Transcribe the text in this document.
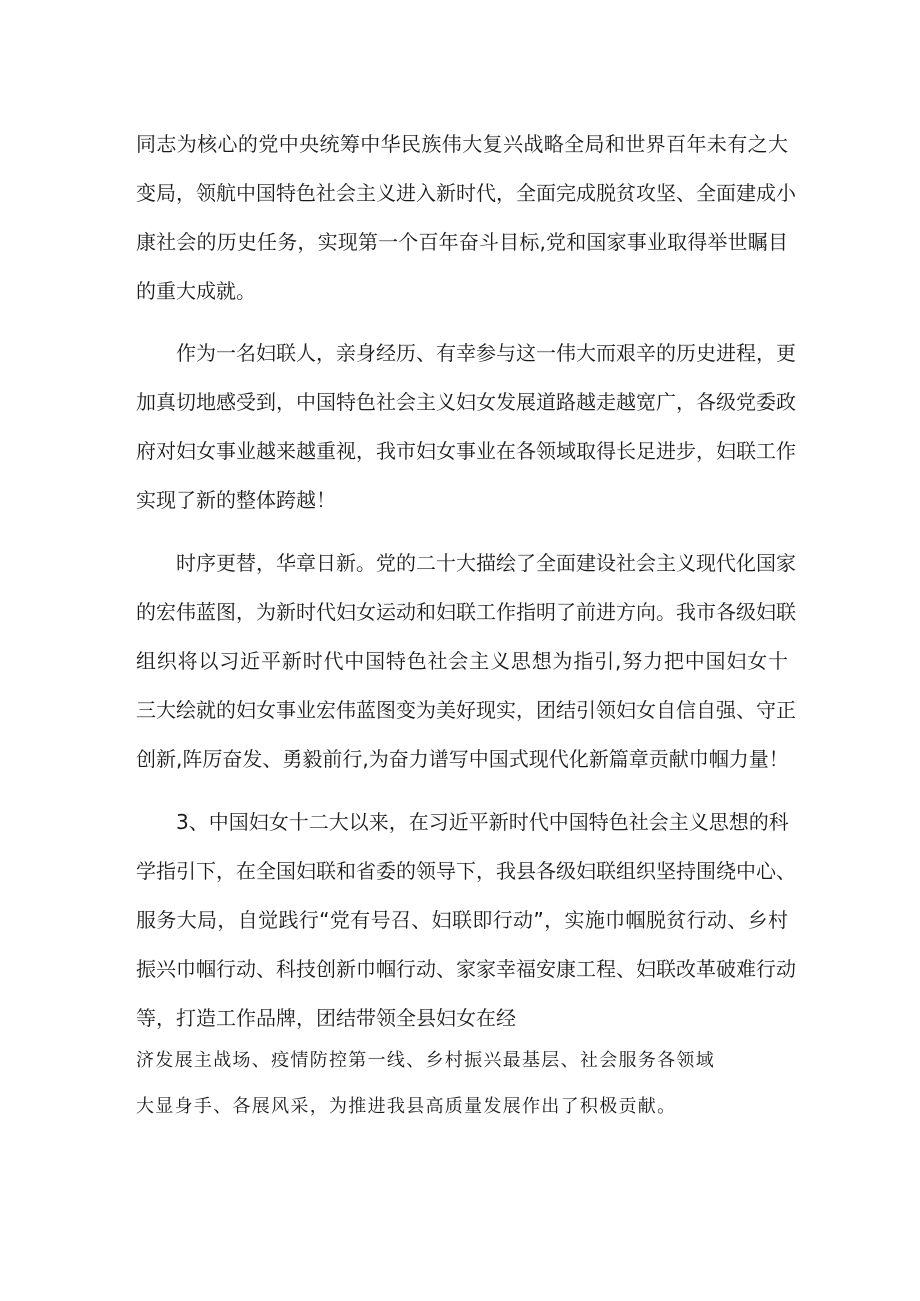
同志为核心的党中央统筹中华民族伟大复兴战略全局和世界百年未有之大
变局，领航中国特色社会主义进入新时代，全面完成脱贫攻坚、全面建成小
康社会的历史任务，实现第一个百年奋斗目标,党和国家事业取得举世瞩目
的重大成就。
作为一名妇联人，亲身经历、有幸参与这一伟大而艰辛的历史进程，更
加真切地感受到，中国特色社会主义妇女发展道路越走越宽广，各级党委政
府对妇女事业越来越重视，我市妇女事业在各领域取得长足进步，妇联工作
实现了新的整体跨越！
时序更替，华章日新。党的二十大描绘了全面建设社会主义现代化国家
的宏伟蓝图，为新时代妇女运动和妇联工作指明了前进方向。我市各级妇联
组织将以习近平新时代中国特色社会主义思想为指引,努力把中国妇女十
三大绘就的妇女事业宏伟蓝图变为美好现实，团结引领妇女自信自强、守正
创新,阵厉奋发、勇毅前行,为奋力谱写中国式现代化新篇章贡献巾帼力量！
3、中国妇女十二大以来，在习近平新时代中国特色社会主义思想的科
学指引下，在全国妇联和省委的领导下，我县各级妇联组织坚持围绕中心、
服务大局，自觉践行“党有号召、妇联即行动”，实施巾帼脱贫行动、乡村
振兴巾帼行动、科技创新巾帼行动、家家幸福安康工程、妇联改革破难行动
等，打造工作品牌，团结带领全县妇女在经
济发展主战场、疫情防控第一线、乡村振兴最基层、社会服务各领域
大显身手、各展风采，为推进我县高质量发展作出了积极贡献。
